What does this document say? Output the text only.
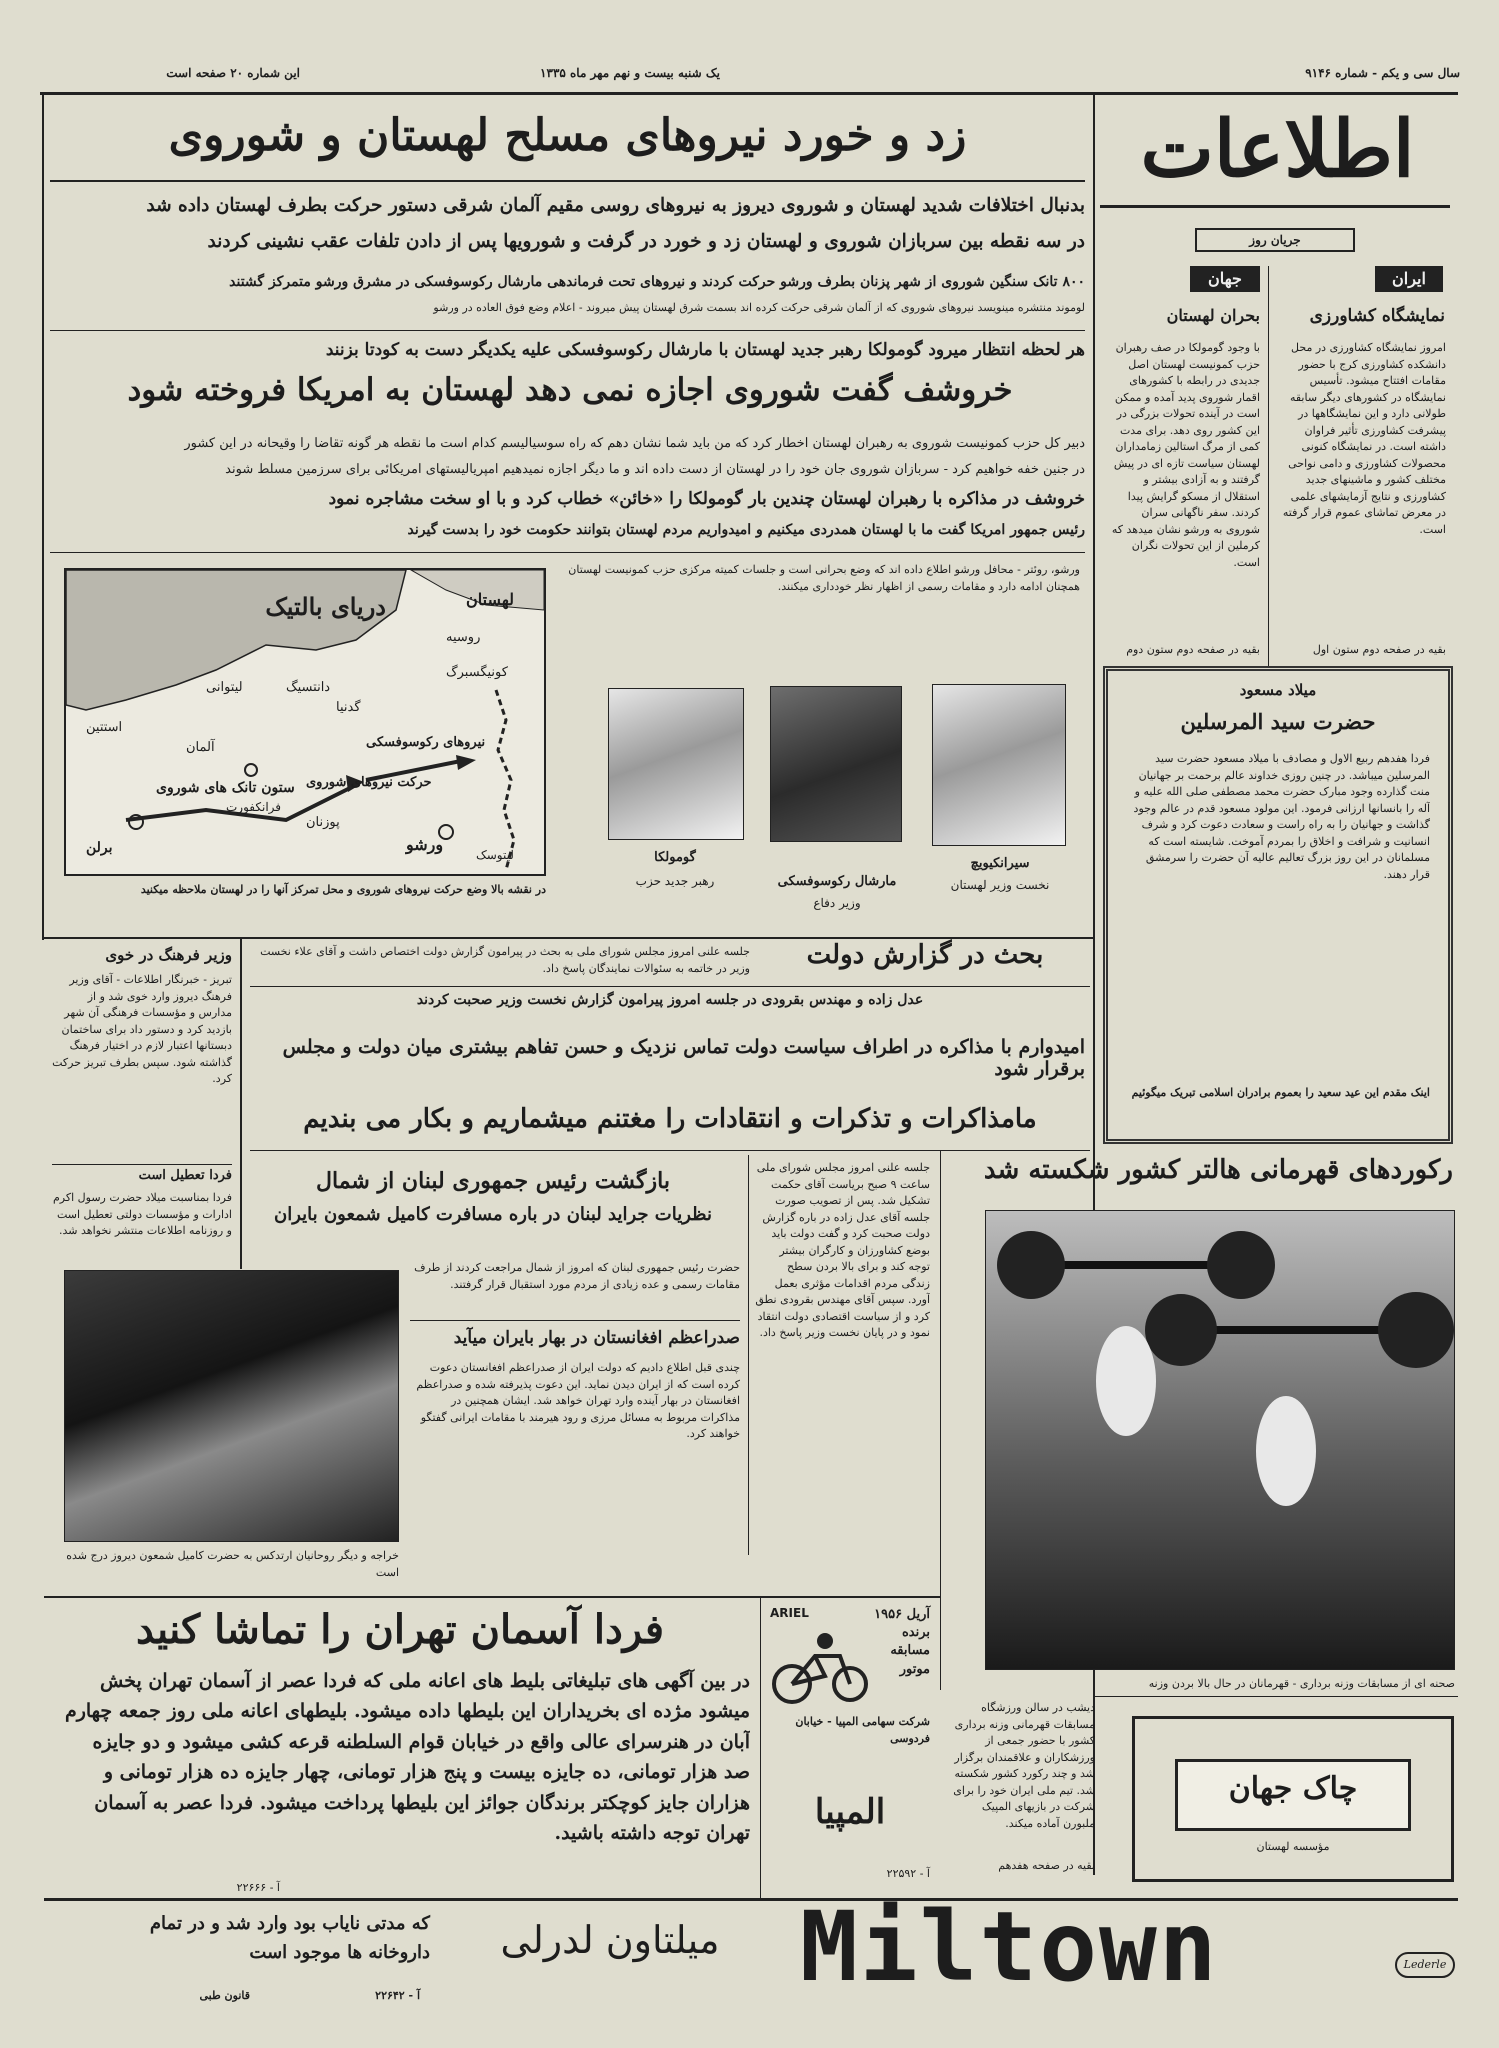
سال سی و یکم - شماره ۹۱۴۶
یک شنبه بیست و نهم مهر ماه ۱۳۳۵
این شماره ۲۰ صفحه است
اطلاعات
زد و خورد نیروهای مسلح لهستان و شوروی
بدنبال اختلافات شدید لهستان و شوروی دیروز به نیروهای روسی مقیم آلمان شرقی دستور حرکت بطرف لهستان داده شد
در سه نقطه بین سربازان شوروی و لهستان زد و خورد در گرفت و شورویها پس از دادن تلفات عقب نشینی کردند
۸۰۰ تانک سنگین شوروی از شهر پزنان بطرف ورشو حرکت کردند و نیروهای تحت فرماندهی مارشال رکوسوفسکی در مشرق ورشو متمرکز گشتند
لوموند منتشره مینویسد نیروهای شوروی که از آلمان شرقی حرکت کرده اند بسمت شرق لهستان پیش میروند - اعلام وضع فوق العاده در ورشو
هر لحظه انتظار میرود گومولکا رهبر جدید لهستان با مارشال رکوسوفسکی علیه یکدیگر دست به کودتا بزنند
خروشف گفت شوروی اجازه نمی دهد لهستان به امریکا فروخته شود
دبیر کل حزب کمونیست شوروی به رهبران لهستان اخطار کرد که من باید شما نشان دهم که راه سوسیالیسم کدام است ما نقطه هر گونه تقاضا را وقیحانه در این کشور
در جنین خفه خواهیم کرد - سربازان شوروی جان خود را در لهستان از دست داده اند و ما دیگر اجازه نمیدهیم امپریالیستهای امریکائی برای سرزمین مسلط شوند
خروشف در مذاکره با رهبران لهستان چندین بار گومولکا را «خائن» خطاب کرد و با او سخت مشاجره نمود
رئیس جمهور امریکا گفت ما با لهستان همدردی میکنیم و امیدواریم مردم لهستان بتوانند حکومت خود را بدست گیرند
دریای بالتیک	لهستان
روسیه
کونیگسبرگ
استتین
دانتسیگ
ورشو
پوزنان
برلن
آلمان
لیتوانی
گدنیا
فرانکفورت
ستون تانک های شوروی حرکت نیروهای شوروی
نیروهای رکوسوفسکی
لیتوسک
در نقشه بالا وضع حرکت نیروهای شوروی و محل تمرکز آنها را در لهستان ملاحظه میکنید
ورشو، روئتر - محافل ورشو اطلاع داده اند که وضع بحرانی است و جلسات کمیته مرکزی حزب کمونیست لهستان همچنان ادامه دارد و مقامات رسمی از اظهار نظر خودداری میکنند.
گومولکا
رهبر جدید حزب	مارشال رکوسوفسکی
وزیر دفاع
سیرانکیویچ
نخست وزیر لهستان
جریان روز
ایران
نمایشگاه کشاورزی
امروز نمایشگاه کشاورزی در محل دانشکده کشاورزی کرج با حضور مقامات افتتاح میشود. تأسیس نمایشگاه در کشورهای دیگر سابقه طولانی دارد و این نمایشگاهها در پیشرفت کشاورزی تأثیر فراوان داشته است. در نمایشگاه کنونی محصولات کشاورزی و دامی نواحی مختلف کشور و ماشینهای جدید کشاورزی و نتایج آزمایشهای علمی در معرض تماشای عموم قرار گرفته است.
بقیه در صفحه دوم ستون اول
جهان
بحران لهستان
با وجود گومولکا در صف رهبران حزب کمونیست لهستان اصل جدیدی در رابطه با کشورهای اقمار شوروی پدید آمده و ممکن است در آینده تحولات بزرگی در این کشور روی دهد. برای مدت کمی از مرگ استالین زمامداران لهستان سیاست تازه ای در پیش گرفتند و به آزادی بیشتر و استقلال از مسکو گرایش پیدا کردند. سفر ناگهانی سران شوروی به ورشو نشان میدهد که کرملین از این تحولات نگران است.
بقیه در صفحه دوم ستون دوم
میلاد مسعود
حضرت سید المرسلین
فردا هفدهم ربیع الاول و مصادف با میلاد مسعود حضرت سید المرسلین میباشد. در چنین روزی خداوند عالم برحمت بر جهانیان منت گذارده وجود مبارک حضرت محمد مصطفی صلی الله علیه و آله را بانسانها ارزانی فرمود. این مولود مسعود قدم در عالم وجود گذاشت و جهانیان را به راه راست و سعادت دعوت کرد و شرف انسانیت و شرافت و اخلاق را بمردم آموخت. شایسته است که مسلمانان در این روز بزرگ تعالیم عالیه آن حضرت را سرمشق قرار دهند.
اینک مقدم این عید سعید را بعموم برادران اسلامی تبریک میگوئیم
وزیر فرهنگ در خوی
تبریز - خبرنگار اطلاعات - آقای وزیر فرهنگ دیروز وارد خوی شد و از مدارس و مؤسسات فرهنگی آن شهر بازدید کرد و دستور داد برای ساختمان دبستانها اعتبار لازم در اختیار فرهنگ گذاشته شود. سپس بطرف تبریز حرکت کرد.
فردا تعطیل است
فردا بمناسبت میلاد حضرت رسول اکرم ادارات و مؤسسات دولتی تعطیل است و روزنامه اطلاعات منتشر نخواهد شد.
بحث در گزارش دولت
جلسه علنی امروز مجلس شورای ملی به بحث در پیرامون گزارش دولت اختصاص داشت و آقای علاء نخست وزیر در خاتمه به سئوالات نمایندگان پاسخ داد.
عدل زاده و مهندس بقرودی در جلسه امروز پیرامون گزارش نخست وزیر صحبت کردند
امیدوارم با مذاکره در اطراف سیاست دولت تماس نزدیک و حسن تفاهم بیشتری میان دولت و مجلس برقرار شود
مامذاکرات و تذکرات و انتقادات را مغتنم میشماریم و بکار می بندیم
بازگشت رئیس جمهوری لبنان از شمال
نظریات جراید لبنان در باره مسافرت کامیل شمعون بایران
حضرت رئیس جمهوری لبنان که امروز از شمال مراجعت کردند از طرف مقامات رسمی و عده زیادی از مردم مورد استقبال قرار گرفتند.
خراجه و دیگر روحانیان ارتدکس به حضرت کامیل شمعون دیروز درج شده است
صدراعظم افغانستان در بهار بایران میآید
چندی قبل اطلاع دادیم که دولت ایران از صدراعظم افغانستان دعوت کرده است که از ایران دیدن نماید. این دعوت پذیرفته شده و صدراعظم افغانستان در بهار آینده وارد تهران خواهد شد. ایشان همچنین در مذاکرات مربوط به مسائل مرزی و رود هیرمند با مقامات ایرانی گفتگو خواهند کرد.
جلسه علنی امروز مجلس شورای ملی ساعت ۹ صبح برياست آقای حکمت تشکیل شد. پس از تصویب صورت جلسه آقای عدل زاده در باره گزارش دولت صحبت کرد و گفت دولت باید بوضع کشاورزان و کارگران بیشتر توجه کند و برای بالا بردن سطح زندگی مردم اقدامات مؤثری بعمل آورد. سپس آقای مهندس بقرودی نطق کرد و از سیاست اقتصادی دولت انتقاد نمود و در پایان نخست وزیر پاسخ داد.
رکوردهای قهرمانی هالتر کشور شکسته شد
صحنه ای از مسابقات وزنه برداری - قهرمانان در حال بالا بردن وزنه
دیشب در سالن ورزشگاه مسابقات قهرمانی وزنه برداری کشور با حضور جمعی از ورزشکاران و علاقمندان برگزار شد و چند رکورد کشور شکسته شد. تیم ملی ایران خود را برای شرکت در بازیهای المپیک ملبورن آماده میکند.
بقیه در صفحه هفدهم
چاک جهان
مؤسسه لهستان
فردا آسمان تهران را تماشا کنید
در بین آگهی های تبلیغاتی بلیط های اعانه ملی که فردا عصر از آسمان تهران پخش میشود مژده ای بخریداران این بلیطها داده میشود. بلیطهای اعانه ملی روز جمعه چهارم آبان در هنرسرای عالی واقع در خیابان قوام السلطنه قرعه کشی میشود و دو جایزه صد هزار تومانی، ده جایزه بیست و پنج هزار تومانی، چهار جایزه ده هزار تومانی و هزاران جایز کوچکتر برندگان جوائز این بلیطها پرداخت میشود. فردا عصر به آسمان تهران توجه داشته باشید.
آ - ۲۲۶۶۶
ARIEL	آریل ۱۹۵۶ برنده مسابقه موتور
شرکت سهامی المپیا - خیابان فردوسی
المپیا
آ - ۲۲۵۹۲
که مدتی نایاب بود وارد شد و در تمام داروخانه ها موجود است	میلتاون لدرلی Miltown	Lederle
آ - ۲۲۶۴۲
قانون طبی
